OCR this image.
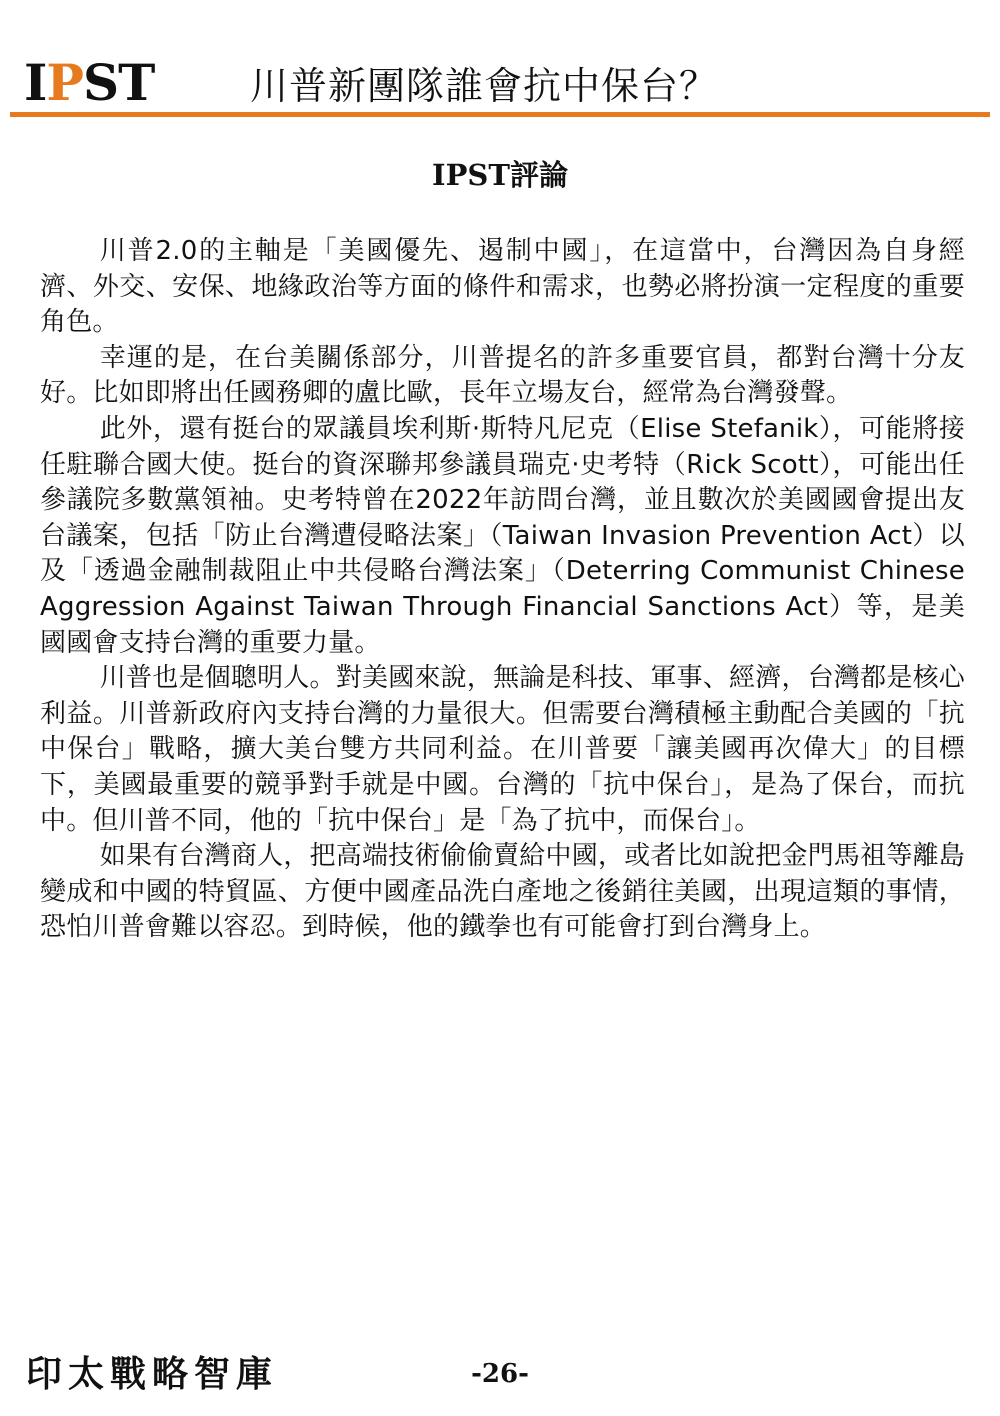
I P S T	川普新團隊誰會抗中保台？
IPST評論

川普2.0的主軸是「美國優先、遏制中國」，在這當中，台灣因為自身經濟、外交、安保、地緣政治等方面的條件和需求，也勢必將扮演一定程度的重要角色。

幸運的是，在台美關係部分，川普提名的許多重要官員，都對台灣十分友好。比如即將出任國務卿的盧比歐，長年立場友台，經常為台灣發聲。

此外，還有挺台的眾議員埃利斯·斯特凡尼克（Elise Stefanik），可能將接任駐聯合國大使。挺台的資深聯邦參議員瑞克·史考特（Rick Scott），可能出任參議院多數黨領袖。史考特曾在2022年訪問台灣，並且數次於美國國會提出友台議案，包括「防止台灣遭侵略法案」（Taiwan Invasion Prevention Act）以及「透過金融制裁阻止中共侵略台灣法案」（Deterring Communist Chinese Aggression Against Taiwan Through Financial Sanctions Act）等，是美國國會支持台灣的重要力量。

川普也是個聰明人。對美國來說，無論是科技、軍事、經濟，台灣都是核心利益。川普新政府內支持台灣的力量很大。但需要台灣積極主動配合美國的「抗中保台」戰略，擴大美台雙方共同利益。在川普要「讓美國再次偉大」的目標下，美國最重要的競爭對手就是中國。台灣的「抗中保台」，是為了保台，而抗中。但川普不同，他的「抗中保台」是「為了抗中，而保台」。

如果有台灣商人，把高端技術偷偷賣給中國，或者比如說把金門馬祖等離島變成和中國的特貿區、方便中國產品洗白產地之後銷往美國，出現這類的事情，恐怕川普會難以容忍。到時候，他的鐵拳也有可能會打到台灣身上。

印太戰略智庫	-26-
